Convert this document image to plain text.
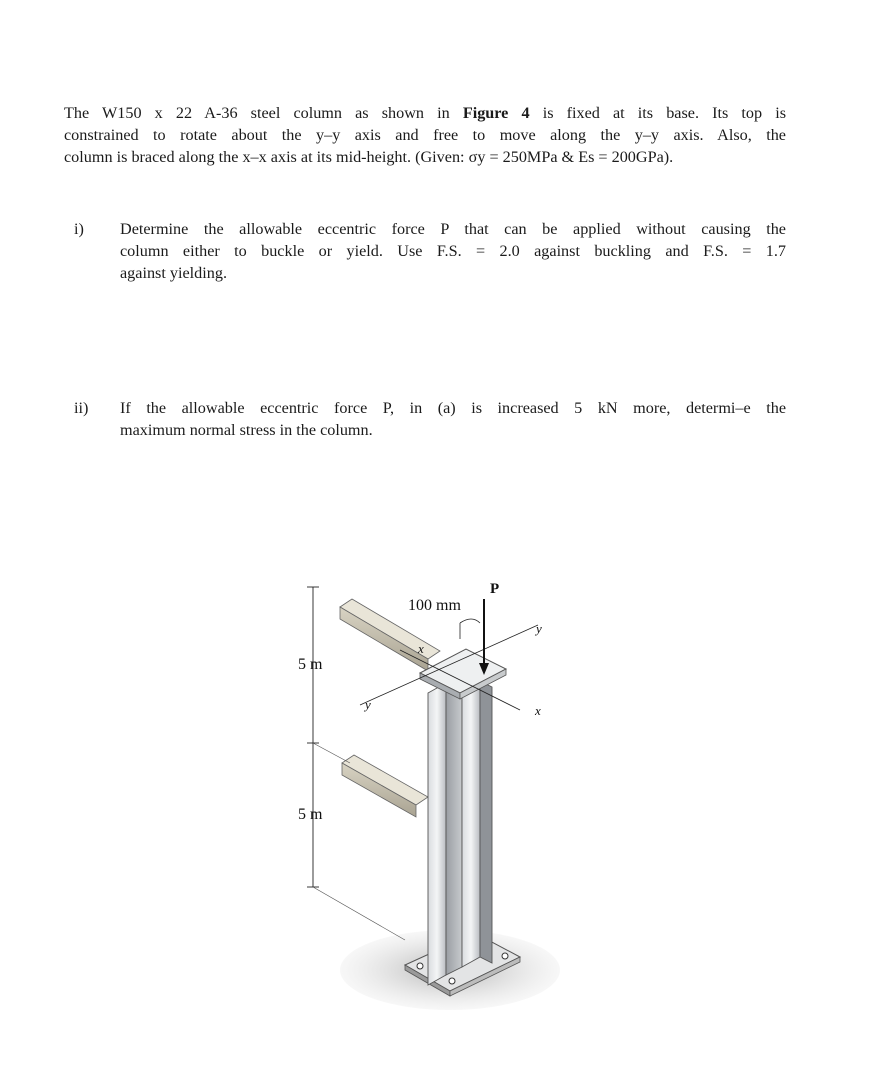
The W150 x 22 A-36 steel column as shown in Figure 4 is fixed at its base. Its top is
constrained to rotate about the y–y axis and free to move along the y–y axis. Also, the
column is braced along the x–x axis at its mid-height. (Given: σy = 250MPa & Es = 200GPa).
i) Determine the allowable eccentric force P that can be applied without causing the
column either to buckle or yield. Use F.S. = 2.0 against buckling and F.S. = 1.7
against yielding.
ii) If the allowable eccentric force P, in (a) is increased 5 kN more, determi–e the
maximum normal stress in the column.
100 mm
P
5 m
5 m
x
y
y	x
